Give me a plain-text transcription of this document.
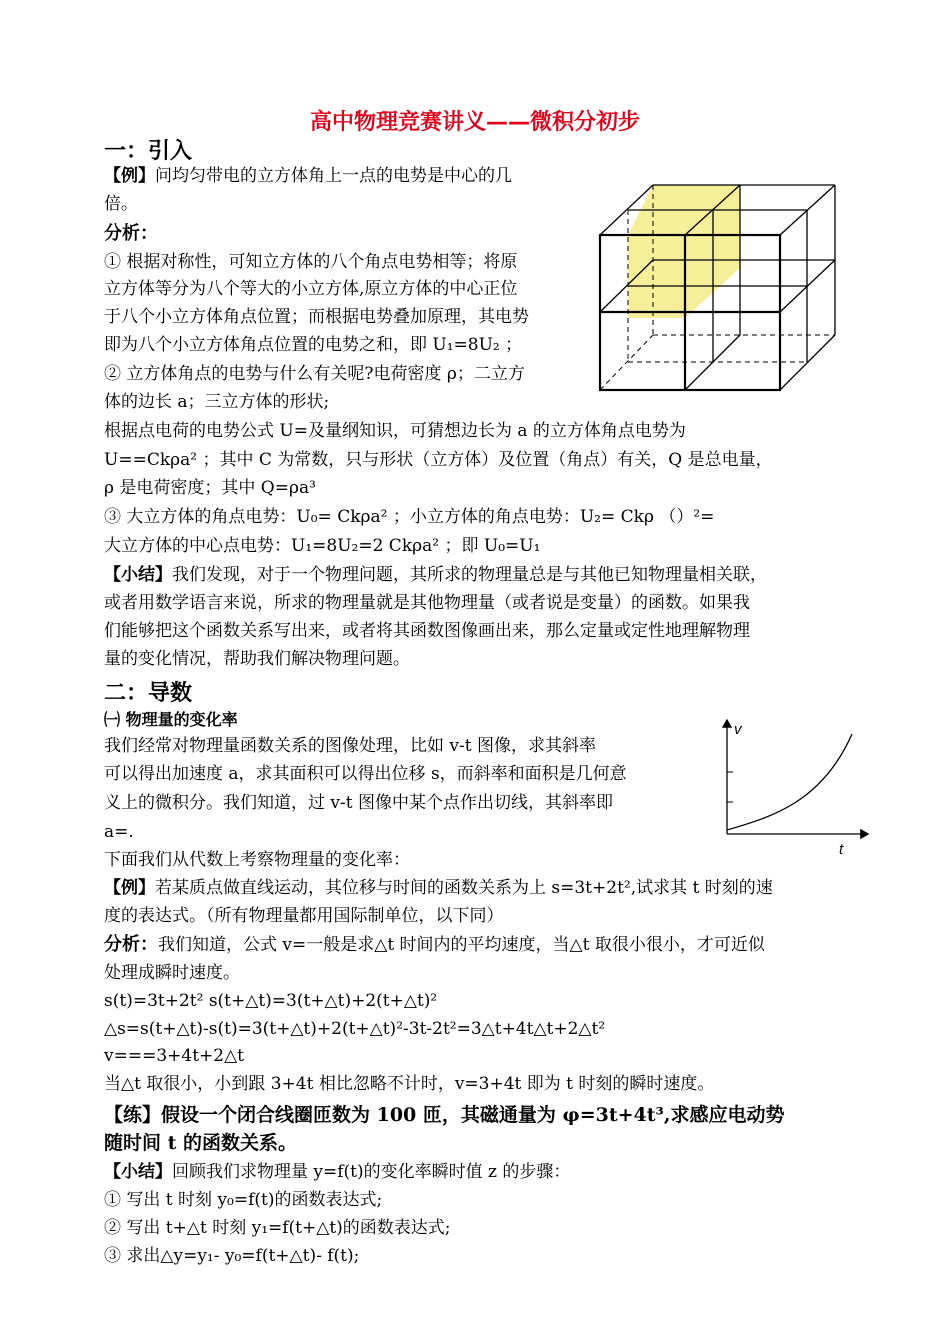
高中物理竞赛讲义——微积分初步
一：引入
【例】问均匀带电的立方体角上一点的电势是中心的几
倍。
分析：
① 根据对称性，可知立方体的八个角点电势相等；将原
立方体等分为八个等大的小立方体,原立方体的中心正位
于八个小立方体角点位置；而根据电势叠加原理，其电势
即为八个小立方体角点位置的电势之和，即 U₁=8U₂ ；
② 立方体角点的电势与什么有关呢?电荷密度 ρ；二立方
体的边长 a；三立方体的形状;
根据点电荷的电势公式 U=及量纲知识，可猜想边长为 a 的立方体角点电势为
U==Ckρa² ；其中 C 为常数，只与形状（立方体）及位置（角点）有关，Q 是总电量，
ρ 是电荷密度；其中 Q=ρa³
③ 大立方体的角点电势：U₀= Ckρa² ；小立方体的角点电势：U₂= Ckρ （）²=
大立方体的中心点电势：U₁=8U₂=2 Ckρa² ；即 U₀=U₁
【小结】我们发现，对于一个物理问题，其所求的物理量总是与其他已知物理量相关联，
或者用数学语言来说，所求的物理量就是其他物理量（或者说是变量）的函数。如果我
们能够把这个函数关系写出来，或者将其函数图像画出来，那么定量或定性地理解物理
量的变化情况，帮助我们解决物理问题。
二：导数
㈠ 物理量的变化率
我们经常对物理量函数关系的图像处理，比如 v-t 图像，求其斜率
可以得出加速度 a，求其面积可以得出位移 s，而斜率和面积是几何意
义上的微积分。我们知道，过 v-t 图像中某个点作出切线，其斜率即
a=.
下面我们从代数上考察物理量的变化率：
【例】若某质点做直线运动，其位移与时间的函数关系为上 s=3t+2t²,试求其 t 时刻的速
度的表达式。（所有物理量都用国际制单位，以下同）
分析：我们知道，公式 v=一般是求△t 时间内的平均速度，当△t 取很小很小，才可近似
处理成瞬时速度。
s(t)=3t+2t² s(t+△t)=3(t+△t)+2(t+△t)²
△s=s(t+△t)-s(t)=3(t+△t)+2(t+△t)²-3t-2t²=3△t+4t△t+2△t²
v===3+4t+2△t
当△t 取很小，小到跟 3+4t 相比忽略不计时，v=3+4t 即为 t 时刻的瞬时速度。
【练】假设一个闭合线圈匝数为 100 匝，其磁通量为 φ=3t+4t³,求感应电动势
随时间 t 的函数关系。
【小结】回顾我们求物理量 y=f(t)的变化率瞬时值 z 的步骤：
① 写出 t 时刻 y₀=f(t)的函数表达式;
② 写出 t+△t 时刻 y₁=f(t+△t)的函数表达式;
③ 求出△y=y₁- y₀=f(t+△t)- f(t);
v
t
